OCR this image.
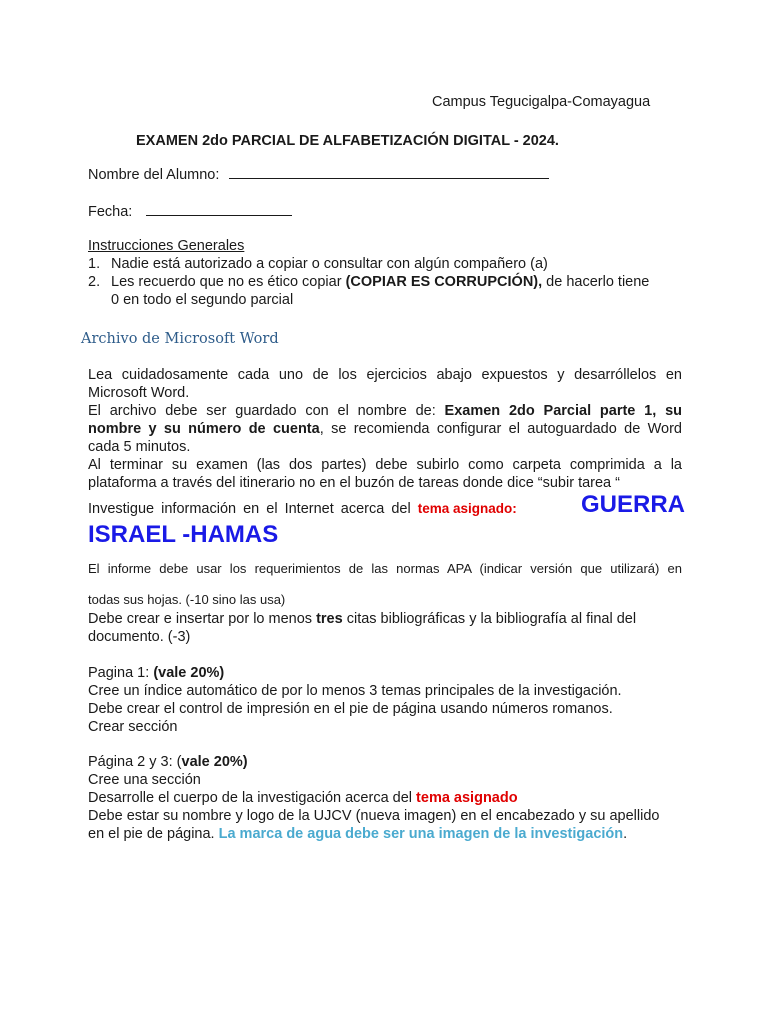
Campus Tegucigalpa-Comayagua
EXAMEN 2do PARCIAL DE ALFABETIZACIÓN DIGITAL - 2024.
Nombre del Alumno:
Fecha:
Instrucciones Generales
1. Nadie está autorizado a copiar o consultar con algún compañero (a)
2. Les recuerdo que no es ético copiar (COPIAR ES CORRUPCIÓN), de hacerlo tiene
0 en todo el segundo parcial
Archivo de Microsoft Word
Lea cuidadosamente cada uno de los ejercicios abajo expuestos y desarróllelos en
Microsoft Word.
El archivo debe ser guardado con el nombre de: Examen 2do Parcial parte 1, su
nombre y su número de cuenta, se recomienda configurar el autoguardado de Word
cada 5 minutos.
Al terminar su examen (las dos partes) debe subirlo como carpeta comprimida a la
plataforma a través del itinerario no en el buzón de tareas donde dice “subir tarea “
Investigue información en el Internet acerca del tema asignado:	GUERRA
ISRAEL -HAMAS
El informe debe usar los requerimientos de las normas APA (indicar versión que utilizará) en
todas sus hojas. (-10 sino las usa)
Debe crear e insertar por lo menos tres citas bibliográficas y la bibliografía al final del
documento. (-3)
Pagina 1: (vale 20%)
Cree un índice automático de por lo menos 3 temas principales de la investigación.
Debe crear el control de impresión en el pie de página usando números romanos.
Crear sección
Página 2 y 3: (vale 20%)
Cree una sección
Desarrolle el cuerpo de la investigación acerca del tema asignado
Debe estar su nombre y logo de la UJCV (nueva imagen) en el encabezado y su apellido
en el pie de página. La marca de agua debe ser una imagen de la investigación.
